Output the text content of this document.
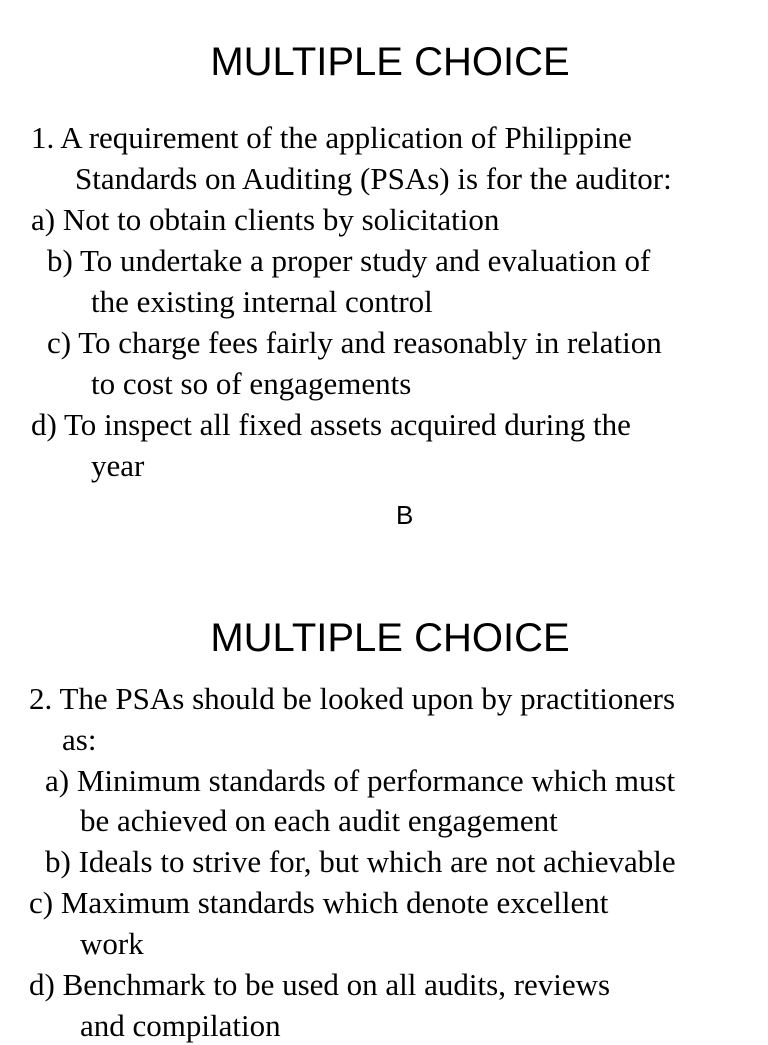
MULTIPLE CHOICE
1. A requirement of the application of Philippine
Standards on Auditing (PSAs) is for the auditor:
a) Not to obtain clients by solicitation
b) To undertake a proper study and evaluation of
the existing internal control
c) To charge fees fairly and reasonably in relation
to cost so of engagements
d) To inspect all fixed assets acquired during the
year
B
MULTIPLE CHOICE
2. The PSAs should be looked upon by practitioners
as:
a) Minimum standards of performance which must
be achieved on each audit engagement
b) Ideals to strive for, but which are not achievable
c) Maximum standards which denote excellent
work
d) Benchmark to be used on all audits, reviews
and compilation
